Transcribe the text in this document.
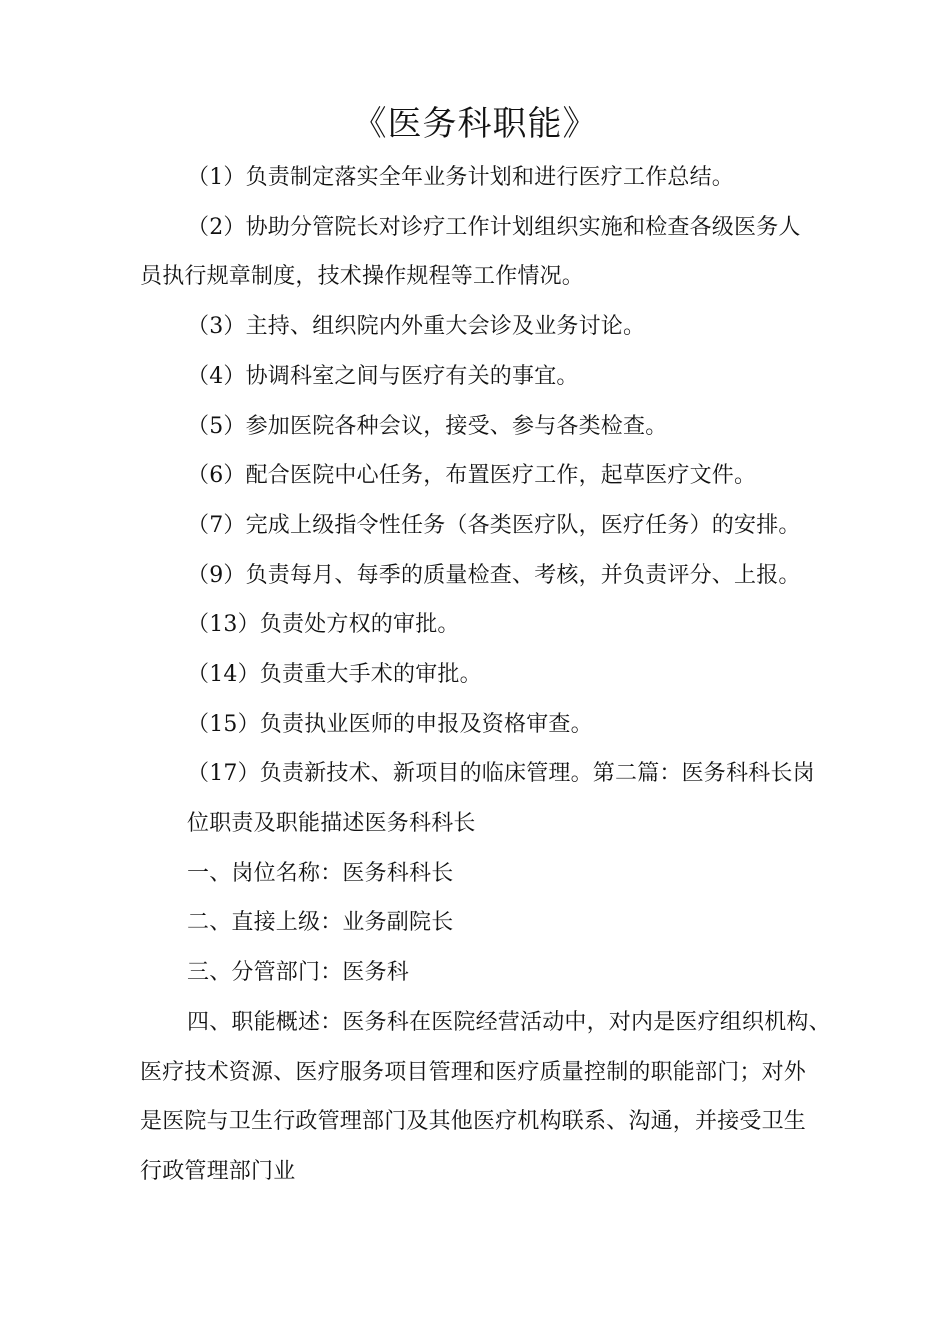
《医务科职能》
（1）负责制定落实全年业务计划和进行医疗工作总结。
（2）协助分管院长对诊疗工作计划组织实施和检查各级医务人
员执行规章制度，技术操作规程等工作情况。
（3）主持、组织院内外重大会诊及业务讨论。
（4）协调科室之间与医疗有关的事宜。
（5）参加医院各种会议，接受、参与各类检查。
（6）配合医院中心任务，布置医疗工作，起草医疗文件。
（7）完成上级指令性任务（各类医疗队，医疗任务）的安排。
（9）负责每月、每季的质量检查、考核，并负责评分、上报。
（13）负责处方权的审批。
（14）负责重大手术的审批。
（15）负责执业医师的申报及资格审查。
（17）负责新技术、新项目的临床管理。第二篇：医务科科长岗
位职责及职能描述医务科科长
一、岗位名称：医务科科长
二、直接上级：业务副院长
三、分管部门：医务科
四、职能概述：医务科在医院经营活动中，对内是医疗组织机构、
医疗技术资源、医疗服务项目管理和医疗质量控制的职能部门；对外
是医院与卫生行政管理部门及其他医疗机构联系、沟通，并接受卫生
行政管理部门业
